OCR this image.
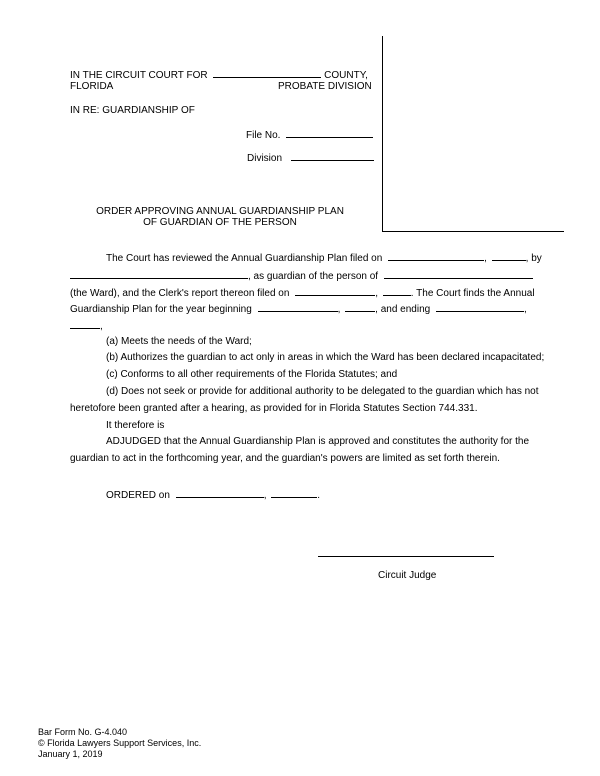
IN THE CIRCUIT COURT FOR	COUNTY,
FLORIDA	PROBATE DIVISION
IN RE: GUARDIANSHIP OF
File No.
Division
ORDER APPROVING ANNUAL GUARDIANSHIP PLAN
OF GUARDIAN OF THE PERSON
The Court has reviewed the Annual Guardianship Plan filed on	,	, by
, as guardian of the person of
(the Ward), and the Clerk's report thereon filed on	,	. The Court finds the Annual
Guardianship Plan for the year beginning	,	, and ending	,
,
(a) Meets the needs of the Ward;
(b) Authorizes the guardian to act only in areas in which the Ward has been declared incapacitated;
(c) Conforms to all other requirements of the Florida Statutes; and
(d) Does not seek or provide for additional authority to be delegated to the guardian which has not
heretofore been granted after a hearing, as provided for in Florida Statutes Section 744.331.
It therefore is
ADJUDGED that the Annual Guardianship Plan is approved and constitutes the authority for the
guardian to act in the forthcoming year, and the guardian's powers are limited as set forth therein.
ORDERED on	,	.
Circuit Judge
Bar Form No. G-4.040
© Florida Lawyers Support Services, Inc.
January 1, 2019
